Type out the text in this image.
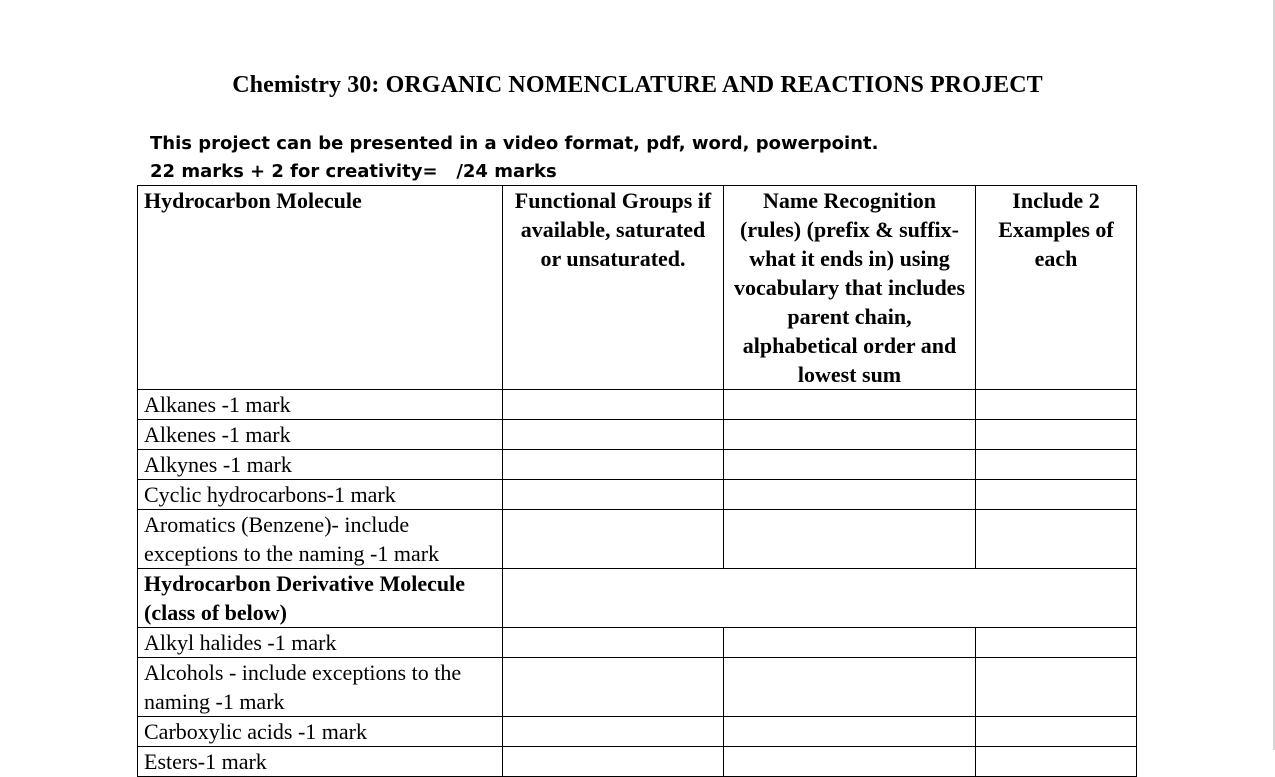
Chemistry 30: ORGANIC NOMENCLATURE AND REACTIONS PROJECT
This project can be presented in a video format, pdf, word, powerpoint.
22 marks + 2 for creativity=   /24 marks
Hydrocarbon Molecule	Functional Groups if available, saturated or unsaturated.	Name Recognition (rules) (prefix & suffix- what it ends in) using vocabulary that includes parent chain, alphabetical order and lowest sum	Include 2 Examples of each
Alkanes -1 mark			
Alkenes -1 mark			
Alkynes -1 mark			
Cyclic hydrocarbons-1 mark			
Aromatics (Benzene)- include exceptions to the naming -1 mark			
Hydrocarbon Derivative Molecule (class of below)			
Alkyl halides -1 mark			
Alcohols - include exceptions to the naming -1 mark			
Carboxylic acids -1 mark			
Esters-1 mark			
